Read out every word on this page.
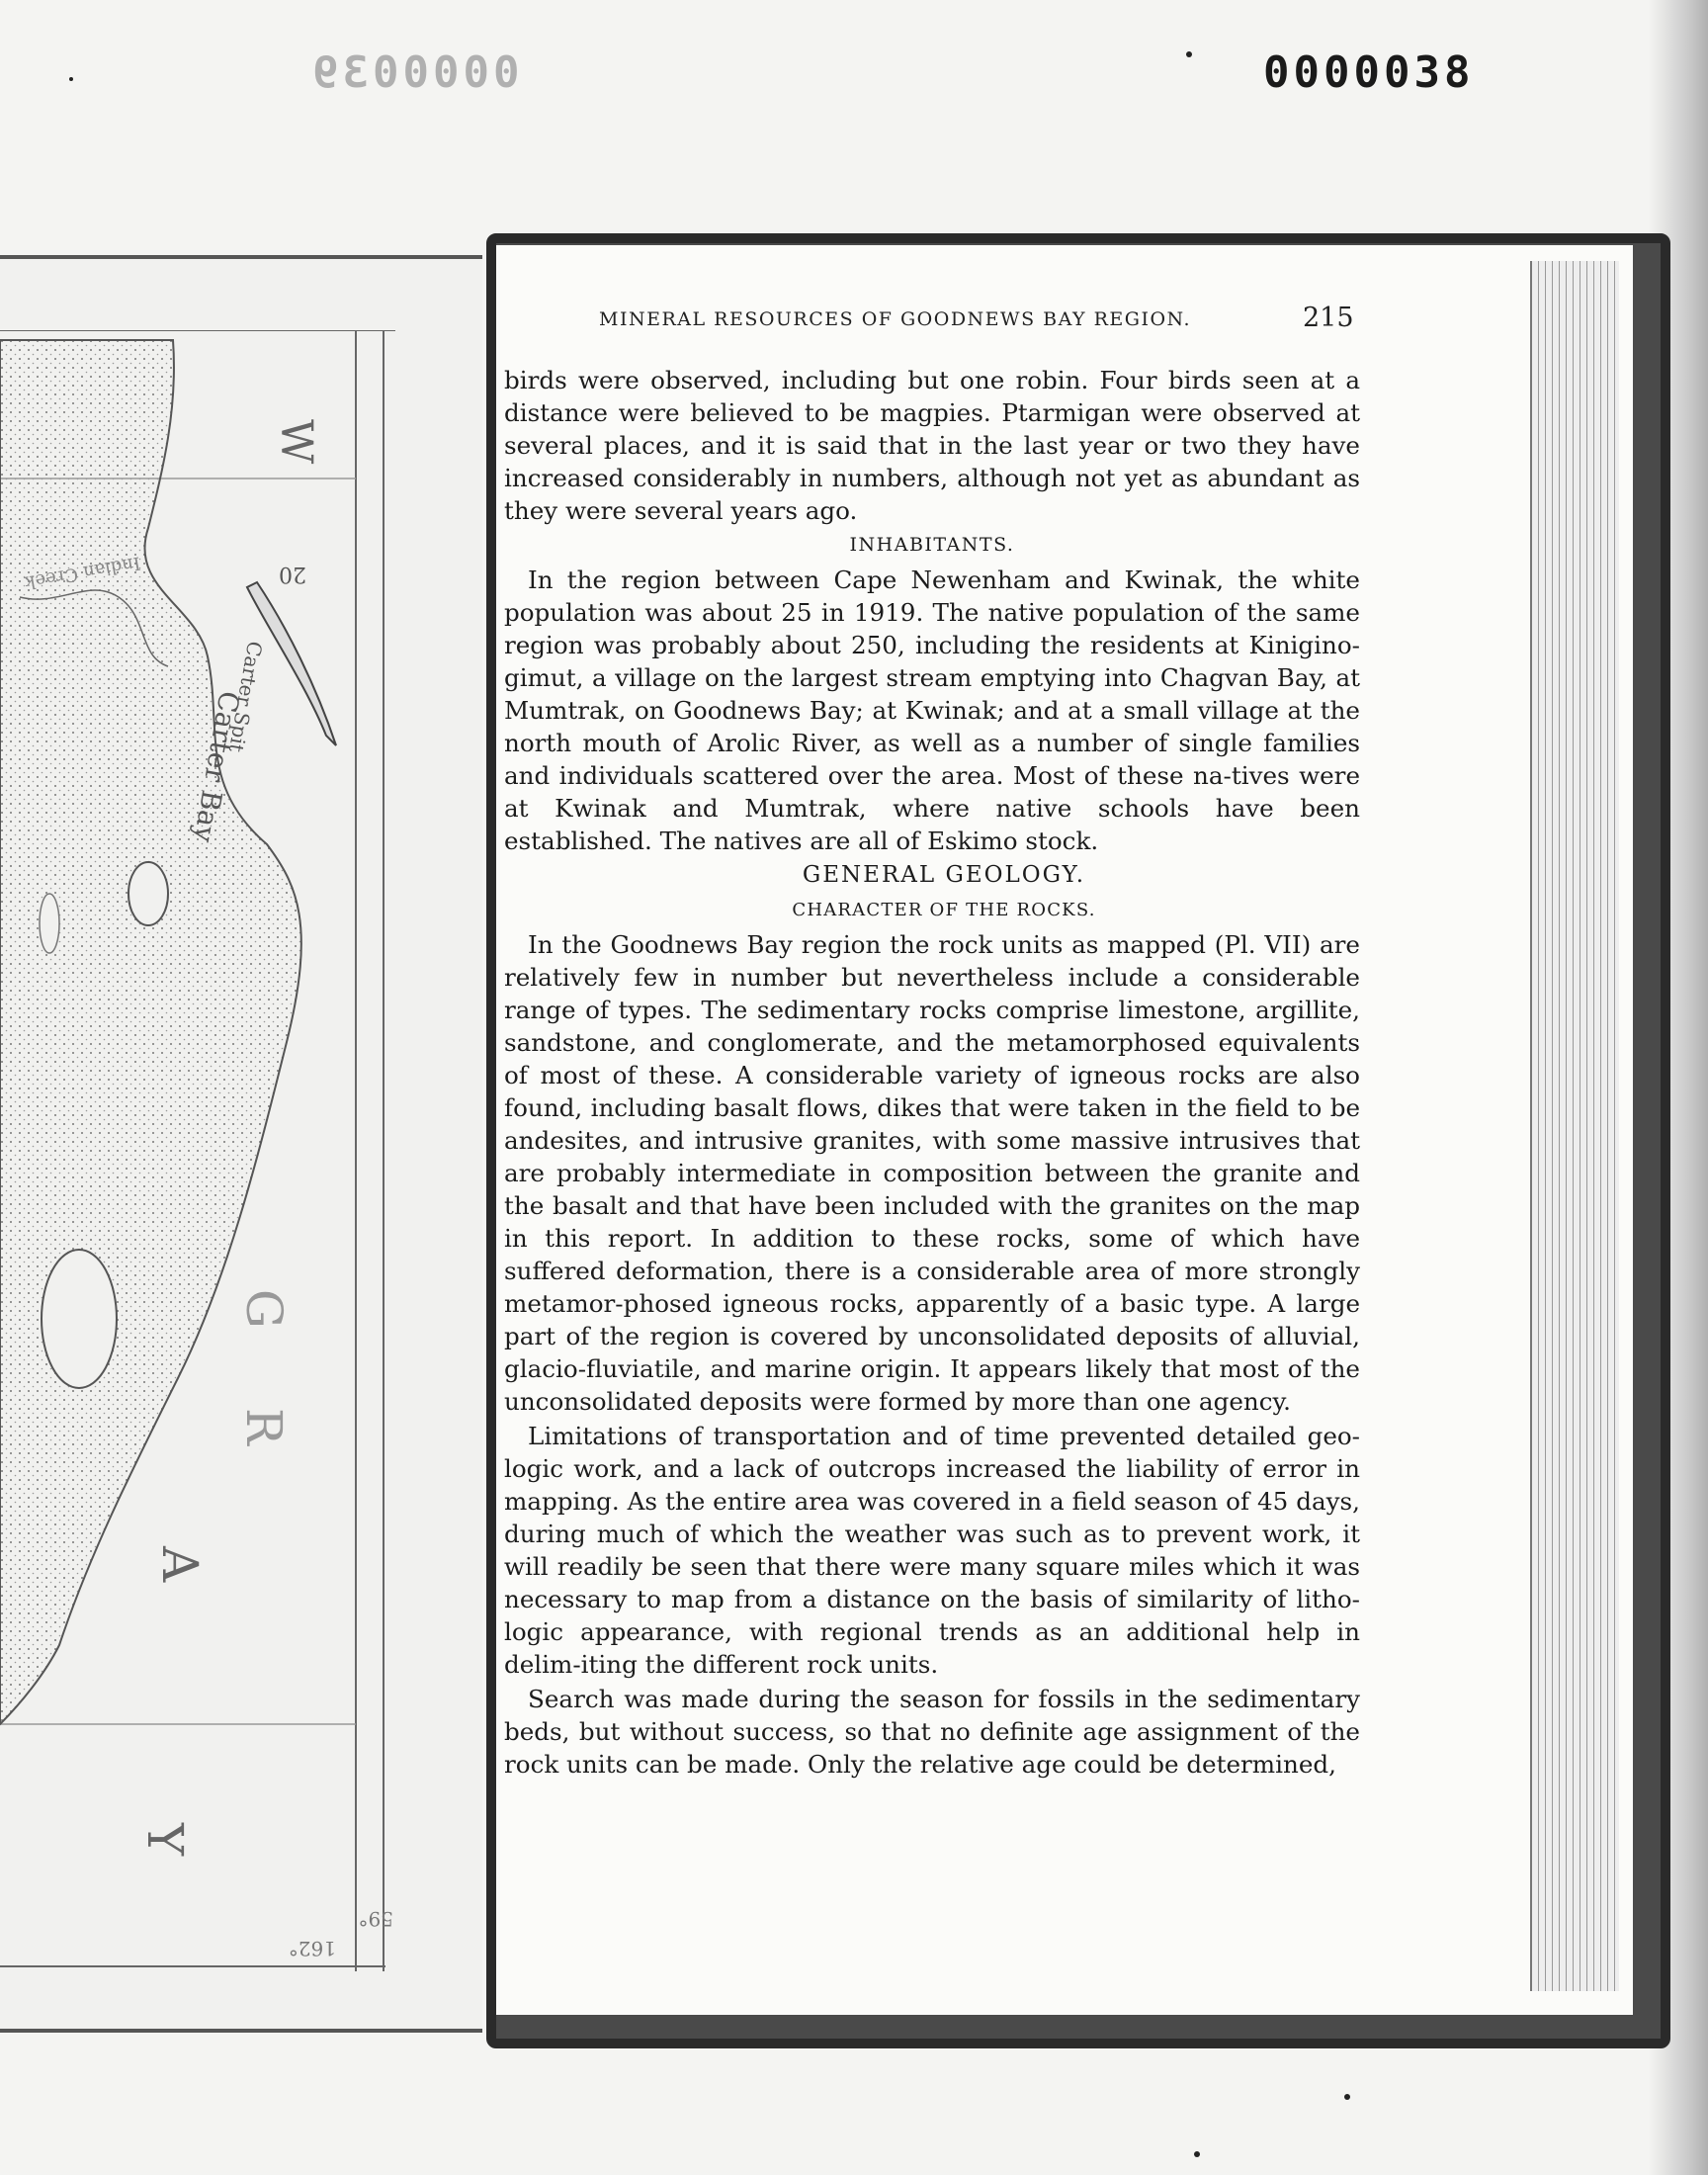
0000039	0000038
20
Carter Spit
Carter Bay
Indian Creek
W
G
R
A
Y
59°
162°
MINERAL RESOURCES OF GOODNEWS BAY REGION.	215

birds were observed, including but one robin. Four birds seen at a distance were believed to be magpies. Ptarmigan were observed at several places, and it is said that in the last year or two they have increased considerably in numbers, although not yet as abundant as they were several years ago.

INHABITANTS.

In the region between Cape Newenham and Kwinak, the white population was about 25 in 1919. The native population of the same region was probably about 250, including the residents at Kinigino-gimut, a village on the largest stream emptying into Chagvan Bay, at Mumtrak, on Goodnews Bay; at Kwinak; and at a small village at the north mouth of Arolic River, as well as a number of single families and individuals scattered over the area. Most of these na-tives were at Kwinak and Mumtrak, where native schools have been established. The natives are all of Eskimo stock.

GENERAL GEOLOGY.

CHARACTER OF THE ROCKS.

In the Goodnews Bay region the rock units as mapped (Pl. VII) are relatively few in number but nevertheless include a considerable range of types. The sedimentary rocks comprise limestone, argillite, sandstone, and conglomerate, and the metamorphosed equivalents of most of these. A considerable variety of igneous rocks are also found, including basalt flows, dikes that were taken in the field to be andesites, and intrusive granites, with some massive intrusives that are probably intermediate in composition between the granite and the basalt and that have been included with the granites on the map in this report. In addition to these rocks, some of which have suffered deformation, there is a considerable area of more strongly metamor-phosed igneous rocks, apparently of a basic type. A large part of the region is covered by unconsolidated deposits of alluvial, glacio-fluviatile, and marine origin. It appears likely that most of the unconsolidated deposits were formed by more than one agency.

Limitations of transportation and of time prevented detailed geo-logic work, and a lack of outcrops increased the liability of error in mapping. As the entire area was covered in a field season of 45 days, during much of which the weather was such as to prevent work, it will readily be seen that there were many square miles which it was necessary to map from a distance on the basis of similarity of litho-logic appearance, with regional trends as an additional help in delim-iting the different rock units.

Search was made during the season for fossils in the sedimentary beds, but without success, so that no definite age assignment of the rock units can be made. Only the relative age could be determined,
